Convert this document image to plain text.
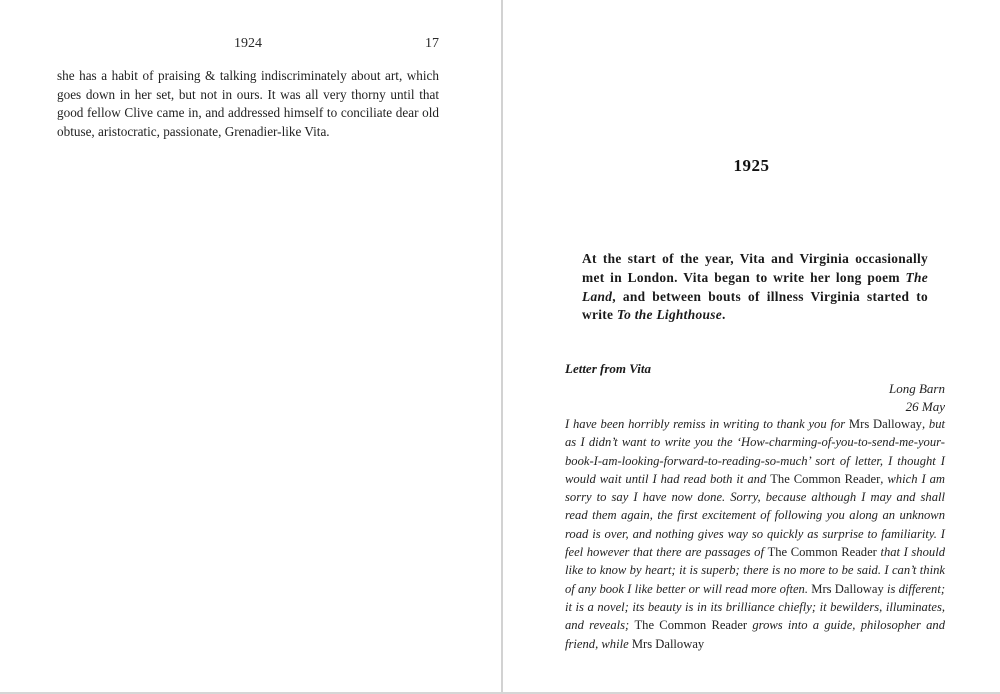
1924	17

she has a habit of praising & talking indiscriminately about art, which goes down in her set, but not in ours. It was all very thorny until that good fellow Clive came in, and addressed himself to conciliate dear old obtuse, aristocratic, passionate, Grenadier-like Vita.

1925

At the start of the year, Vita and Virginia occasionally met in London. Vita began to write her long poem The Land, and between bouts of illness Virginia started to write To the Lighthouse.

Letter from Vita
Long Barn
26 May

I have been horribly remiss in writing to thank you for Mrs Dalloway, but as I didn’t want to write you the ‘How-charming-of-you-to-send-me-your-book-I-am-looking-forward-to-reading-so-much’ sort of letter, I thought I would wait until I had read both it and The Common Reader, which I am sorry to say I have now done. Sorry, because although I may and shall read them again, the first excitement of following you along an unknown road is over, and nothing gives way so quickly as surprise to familiarity. I feel however that there are passages of The Common Reader that I should like to know by heart; it is superb; there is no more to be said. I can’t think of any book I like better or will read more often. Mrs Dalloway is different; it is a novel; its beauty is in its brilliance chiefly; it bewilders, illuminates, and reveals; The Common Reader grows into a guide, philosopher and friend, while Mrs Dalloway
